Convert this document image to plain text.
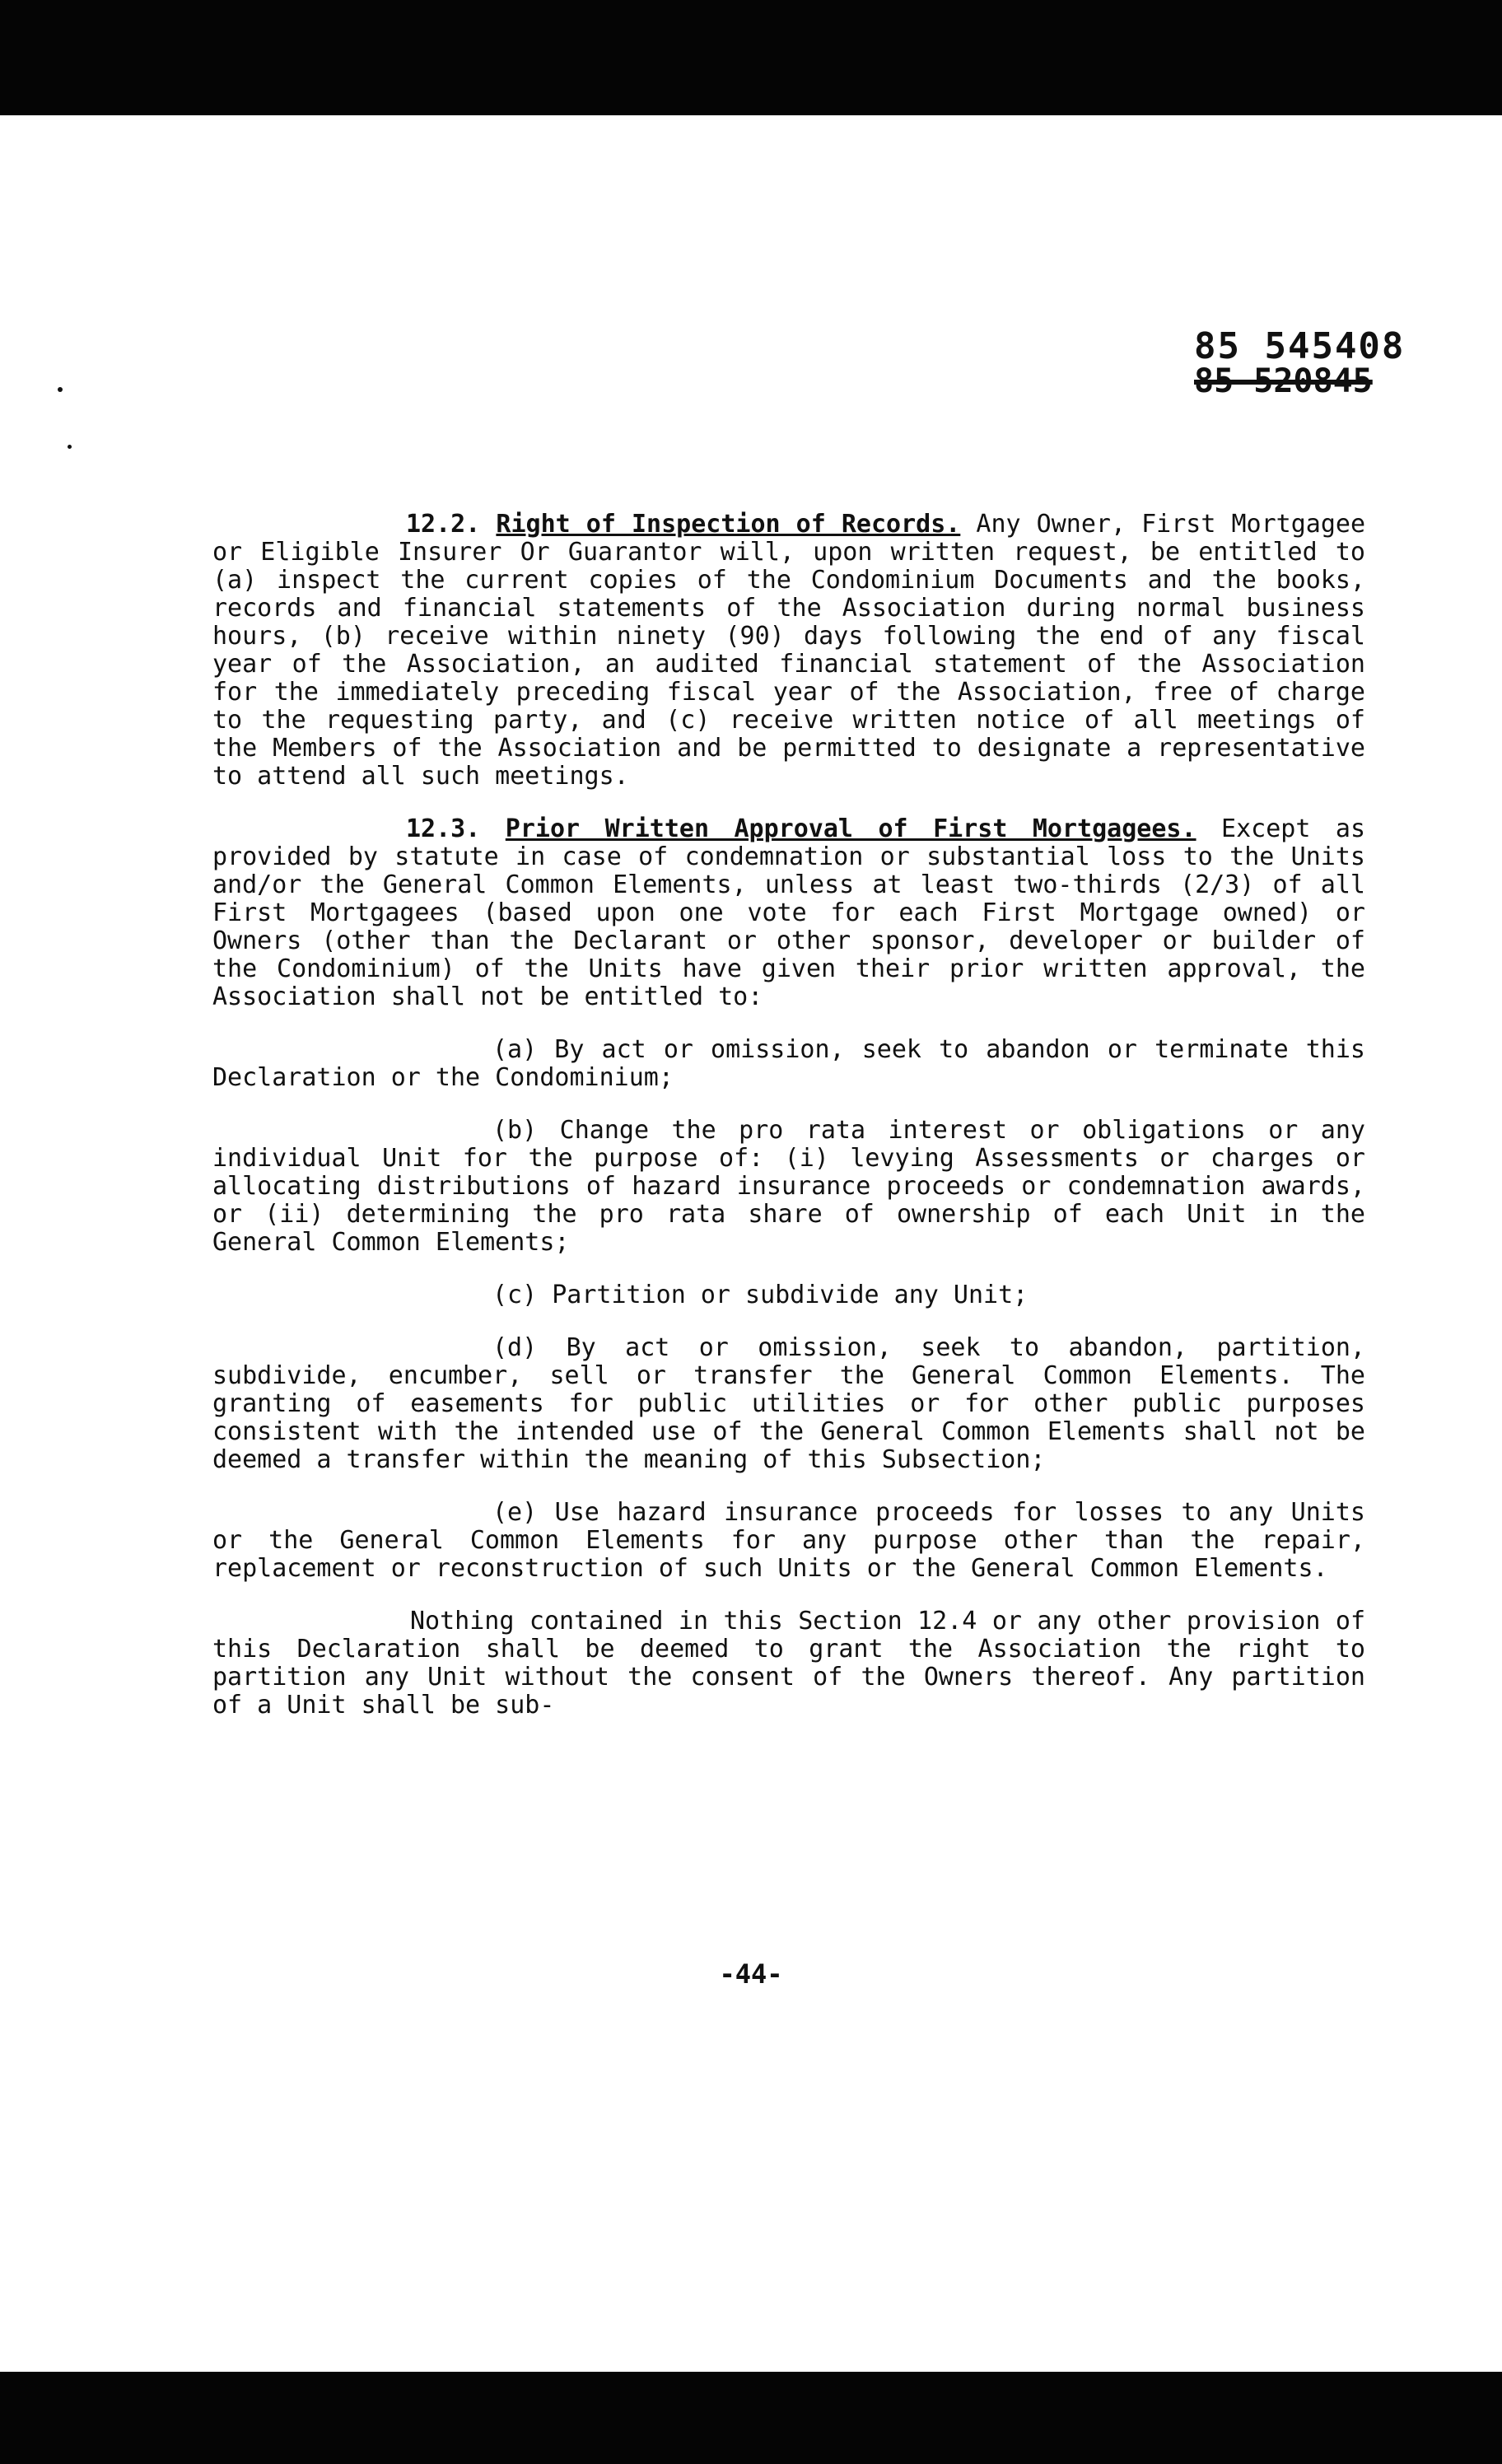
85 545408
85 520845

12.2. Right of Inspection of Records. Any Owner, First Mortgagee or Eligible Insurer Or Guarantor will, upon written request, be entitled to (a) inspect the current copies of the Condominium Documents and the books, records and financial statements of the Association during normal business hours, (b) receive within ninety (90) days following the end of any fiscal year of the Association, an audited financial statement of the Association for the immediately preceding fiscal year of the Association, free of charge to the requesting party, and (c) receive written notice of all meetings of the Members of the Association and be permitted to designate a representative to attend all such meetings.

12.3. Prior Written Approval of First Mortgagees. Except as provided by statute in case of condemnation or substantial loss to the Units and/or the General Common Elements, unless at least two-thirds (2/3) of all First Mortgagees (based upon one vote for each First Mortgage owned) or Owners (other than the Declarant or other sponsor, developer or builder of the Condominium) of the Units have given their prior written approval, the Association shall not be entitled to:

(a) By act or omission, seek to abandon or terminate this Declaration or the Condominium;

(b) Change the pro rata interest or obligations or any individual Unit for the purpose of: (i) levying Assessments or charges or allocating distributions of hazard insurance proceeds or condemnation awards, or (ii) determining the pro rata share of ownership of each Unit in the General Common Elements;

(c) Partition or subdivide any Unit;

(d) By act or omission, seek to abandon, partition, subdivide, encumber, sell or transfer the General Common Elements. The granting of easements for public utilities or for other public purposes consistent with the intended use of the General Common Elements shall not be deemed a transfer within the meaning of this Subsection;

(e) Use hazard insurance proceeds for losses to any Units or the General Common Elements for any purpose other than the repair, replacement or reconstruction of such Units or the General Common Elements.

Nothing contained in this Section 12.4 or any other provision of this Declaration shall be deemed to grant the Association the right to partition any Unit without the consent of the Owners thereof. Any partition of a Unit shall be sub-

-44-
